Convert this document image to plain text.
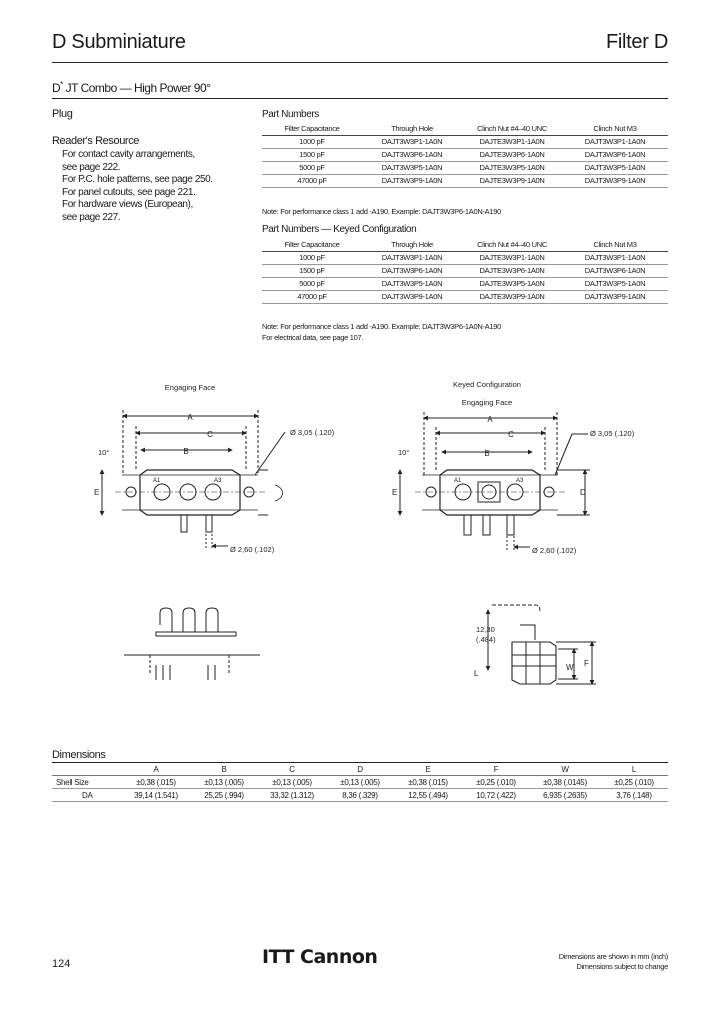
D Subminiature	Filter D
D* JT Combo — High Power 90°
Plug
Reader's Resource
For contact cavity arrangements,
see page 222.
For P.C. hole patterns, see page 250.
For panel cutouts, see page 221.
For hardware views (European),
see page 227.
Part Numbers
Filter Capacitance	Through Hole	Clinch Nut #4–40 UNC	Clinch Nut M3
1000 pF	DAJT3W3P1-1A0N	DAJTE3W3P1-1A0N	DAJT3W3P1-1A0N
1500 pF	DAJT3W3P6-1A0N	DAJTE3W3P6-1A0N	DAJT3W3P6-1A0N
5000 pF	DAJT3W3P5-1A0N	DAJTE3W3P5-1A0N	DAJT3W3P5-1A0N
47000 pF	DAJT3W3P9-1A0N	DAJTE3W3P9-1A0N	DAJT3W3P9-1A0N
Note: For performance class 1 add -A190. Example: DAJT3W3P6-1A0N-A190
Part Numbers — Keyed Configuration
Filter Capacitance	Through Hole	Clinch Nut #4–40 UNC	Clinch Nut M3
1000 pF	DAJT3W3P1-1A0N	DAJTE3W3P1-1A0N	DAJT3W3P1-1A0N
1500 pF	DAJT3W3P6-1A0N	DAJTE3W3P6-1A0N	DAJT3W3P6-1A0N
5000 pF	DAJT3W3P5-1A0N	DAJTE3W3P5-1A0N	DAJT3W3P5-1A0N
47000 pF	DAJT3W3P9-1A0N	DAJTE3W3P9-1A0N	DAJT3W3P9-1A0N
Note: For performance class 1 add -A190. Example: DAJT3W3P6-1A0N-A190
For electrical data, see page 107.
Engaging Face
A
C
B
10°
A1	A3
E
Ø 3,05 (.120)
Ø 2,60 (.102)
Keyed Configuration
Engaging Face
A
C
B
10°
A1	A3
E	D
Ø 3,05 (.120)
Ø 2,60 (.102)
12,30
(.484)
L
W F
Dimensions
	A	B	C	D	E	F	W	L
Shell Size	±0,38 (.015)	±0,13 (.005)	±0,13 (.005)	±0,13 (.005)	±0,38 (.015)	±0,25 (.010)	±0,38 (.0145)	±0,25 (.010)
DA	39,14 (1.541)	25,25 (.994)	33,32 (1.312)	8,36 (.329)	12,55 (.494)	10,72 (.422)	6,935 (.2635)	3,76 (.148)
124	ITT Cannon	Dimensions are shown in mm (inch)
Dimensions subject to change
